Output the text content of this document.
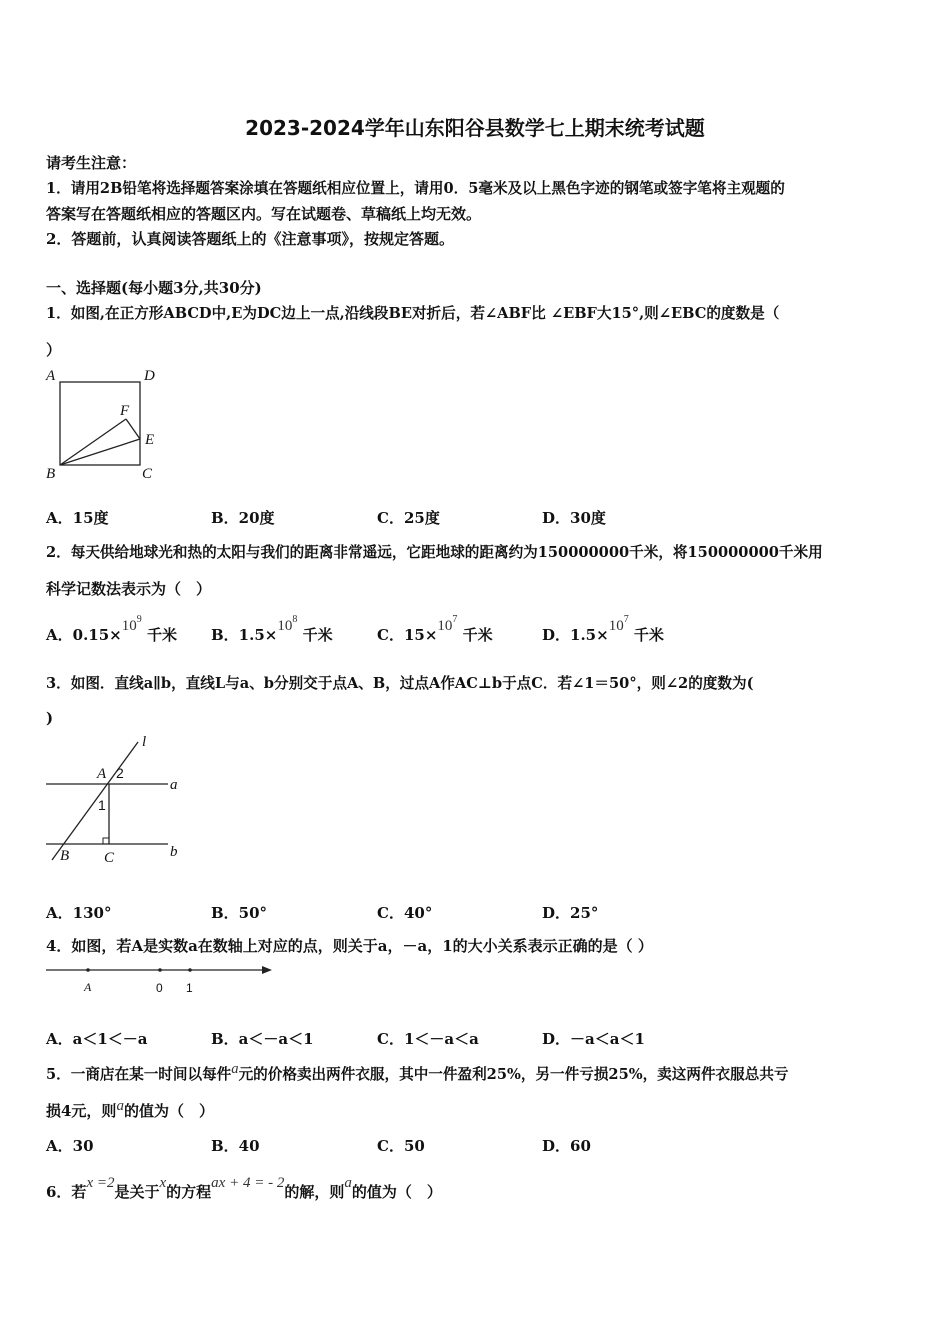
2023-2024学年山东阳谷县数学七上期末统考试题
请考生注意：
1．请用2B铅笔将选择题答案涂填在答题纸相应位置上，请用0．5毫米及以上黑色字迹的钢笔或签字笔将主观题的
答案写在答题纸相应的答题区内。写在试题卷、草稿纸上均无效。
2．答题前，认真阅读答题纸上的《注意事项》，按规定答题。
一、选择题(每小题3分,共30分)
1．如图,在正方形ABCD中,E为DC边上一点,沿线段BE对折后，若∠ABF比 ∠EBF大15°,则∠EBC的度数是（
）
A	D
F
E
B	C
A．15度	B．20度	C．25度	D．30度
2．每天供给地球光和热的太阳与我们的距离非常遥远，它距地球的距离约为150000000千米，将150000000千米用
科学记数法表示为（　）
A．$0.15\times 10^9$ 千米 B．$1.5\times 10^8$ 千米	C．$15\times 10^7$ 千米	D．$1.5\times 10^7$ 千米
3．如图．直线a∥b，直线L与a、b分别交于点A、B，过点A作AC⊥b于点C．若∠1＝50°，则∠2的度数为(
)
l
A 2
a
1
B C	b
A．130°	B．50°	C．40°	D．25°
4．如图，若A是实数a在数轴上对应的点，则关于a，－a，1的大小关系表示正确的是（ ）
A	0 1
A．a＜1＜－a	B．a＜－a＜1	C．1＜－a＜a	D．－a＜a＜1
5．一商店在某一时间以每件a元的价格卖出两件衣服，其中一件盈利25%，另一件亏损25%，卖这两件衣服总共亏
损4元，则a的值为（　）
A．30	B．40	C．50	D．60
6．若x =2是关于x的方程ax + 4 = - 2的解，则a的值为（　）
